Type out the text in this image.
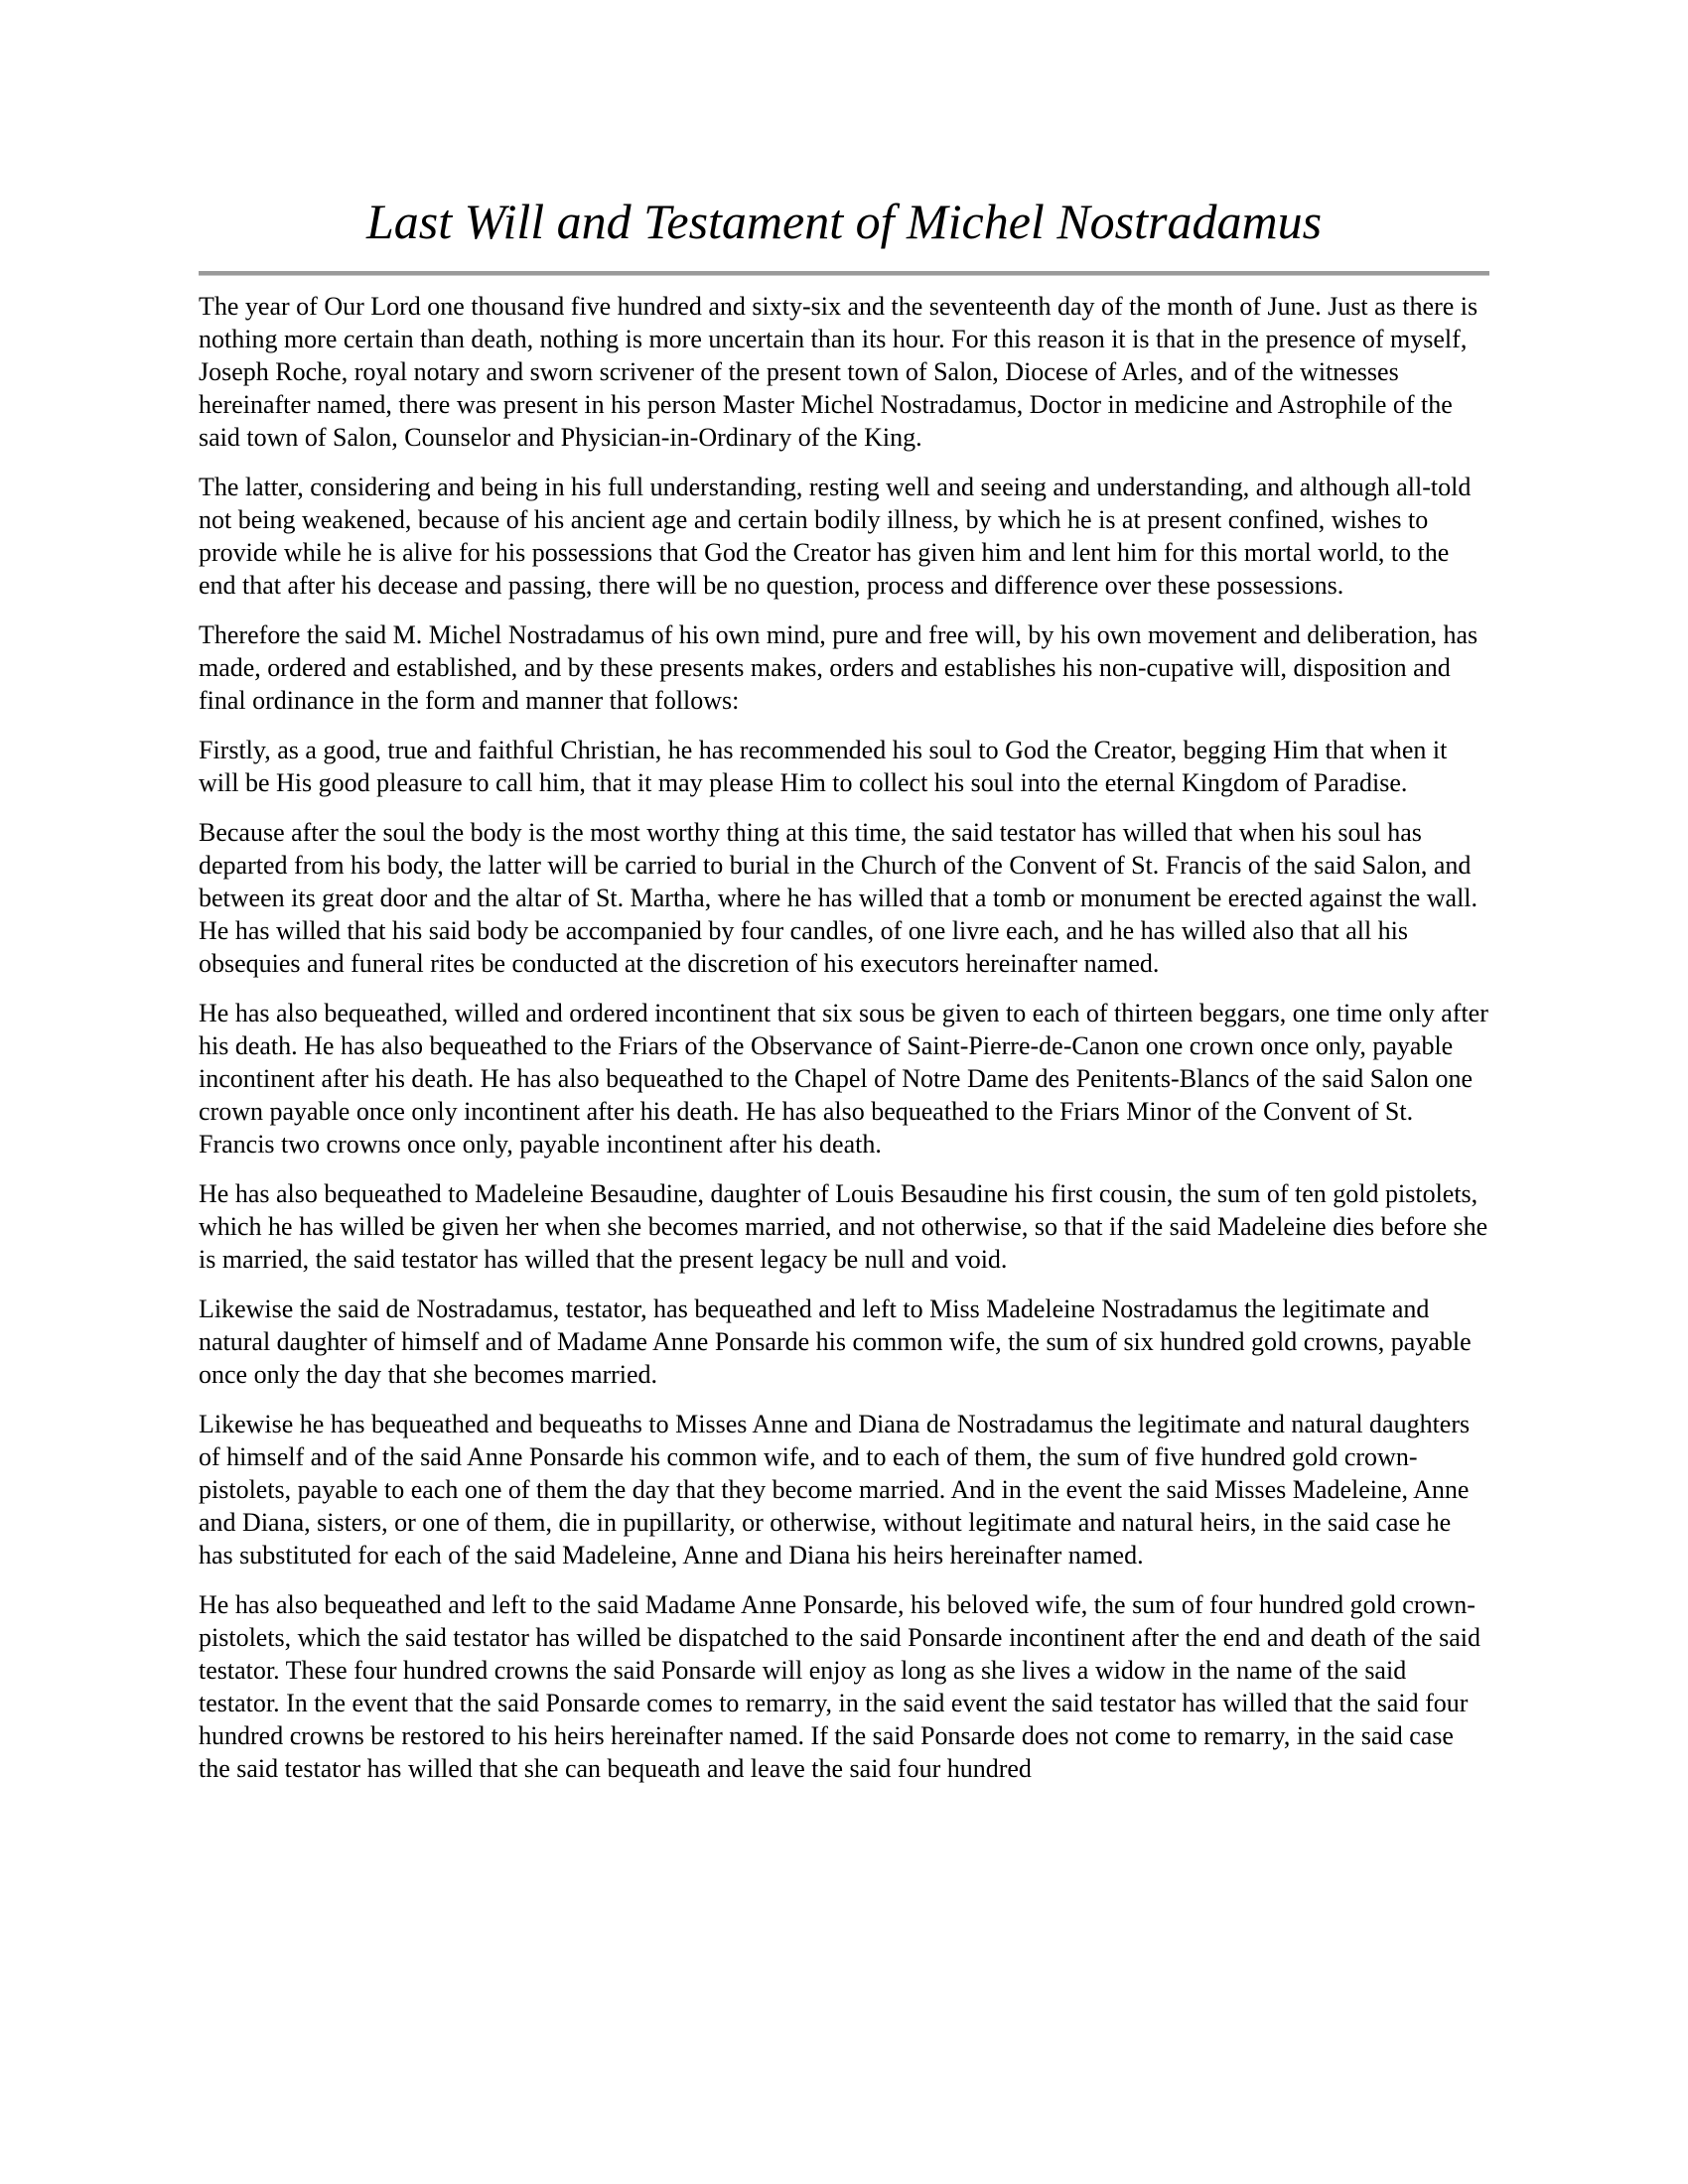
Last Will and Testament of Michel Nostradamus

The year of Our Lord one thousand five hundred and sixty-six and the seventeenth day of the month of June. Just as there is nothing more certain than death, nothing is more uncertain than its hour. For this reason it is that in the presence of myself, Joseph Roche, royal notary and sworn scrivener of the present town of Salon, Diocese of Arles, and of the witnesses hereinafter named, there was present in his person Master Michel Nostradamus, Doctor in medicine and Astrophile of the said town of Salon, Counselor and Physician-in-Ordinary of the King.

The latter, considering and being in his full understanding, resting well and seeing and understanding, and although all-told not being weakened, because of his ancient age and certain bodily illness, by which he is at present confined, wishes to provide while he is alive for his possessions that God the Creator has given him and lent him for this mortal world, to the end that after his decease and passing, there will be no question, process and difference over these possessions.

Therefore the said M. Michel Nostradamus of his own mind, pure and free will, by his own movement and deliberation, has made, ordered and established, and by these presents makes, orders and establishes his non-cupative will, disposition and final ordinance in the form and manner that follows:

Firstly, as a good, true and faithful Christian, he has recommended his soul to God the Creator, begging Him that when it will be His good pleasure to call him, that it may please Him to collect his soul into the eternal Kingdom of Paradise.

Because after the soul the body is the most worthy thing at this time, the said testator has willed that when his soul has departed from his body, the latter will be carried to burial in the Church of the Convent of St. Francis of the said Salon, and between its great door and the altar of St. Martha, where he has willed that a tomb or monument be erected against the wall. He has willed that his said body be accompanied by four candles, of one livre each, and he has willed also that all his obsequies and funeral rites be conducted at the discretion of his executors hereinafter named.

He has also bequeathed, willed and ordered incontinent that six sous be given to each of thirteen beggars, one time only after his death. He has also bequeathed to the Friars of the Observance of Saint-Pierre-de-Canon one crown once only, payable incontinent after his death. He has also bequeathed to the Chapel of Notre Dame des Penitents-Blancs of the said Salon one crown payable once only incontinent after his death. He has also bequeathed to the Friars Minor of the Convent of St. Francis two crowns once only, payable incontinent after his death.

He has also bequeathed to Madeleine Besaudine, daughter of Louis Besaudine his first cousin, the sum of ten gold pistolets, which he has willed be given her when she becomes married, and not otherwise, so that if the said Madeleine dies before she is married, the said testator has willed that the present legacy be null and void.

Likewise the said de Nostradamus, testator, has bequeathed and left to Miss Madeleine Nostradamus the legitimate and natural daughter of himself and of Madame Anne Ponsarde his common wife, the sum of six hundred gold crowns, payable once only the day that she becomes married.

Likewise he has bequeathed and bequeaths to Misses Anne and Diana de Nostradamus the legitimate and natural daughters of himself and of the said Anne Ponsarde his common wife, and to each of them, the sum of five hundred gold crown-pistolets, payable to each one of them the day that they become married. And in the event the said Misses Madeleine, Anne and Diana, sisters, or one of them, die in pupillarity, or otherwise, without legitimate and natural heirs, in the said case he has substituted for each of the said Madeleine, Anne and Diana his heirs hereinafter named.

He has also bequeathed and left to the said Madame Anne Ponsarde, his beloved wife, the sum of four hundred gold crown-pistolets, which the said testator has willed be dispatched to the said Ponsarde incontinent after the end and death of the said testator. These four hundred crowns the said Ponsarde will enjoy as long as she lives a widow in the name of the said testator. In the event that the said Ponsarde comes to remarry, in the said event the said testator has willed that the said four hundred crowns be restored to his heirs hereinafter named. If the said Ponsarde does not come to remarry, in the said case the said testator has willed that she can bequeath and leave the said four hundred
